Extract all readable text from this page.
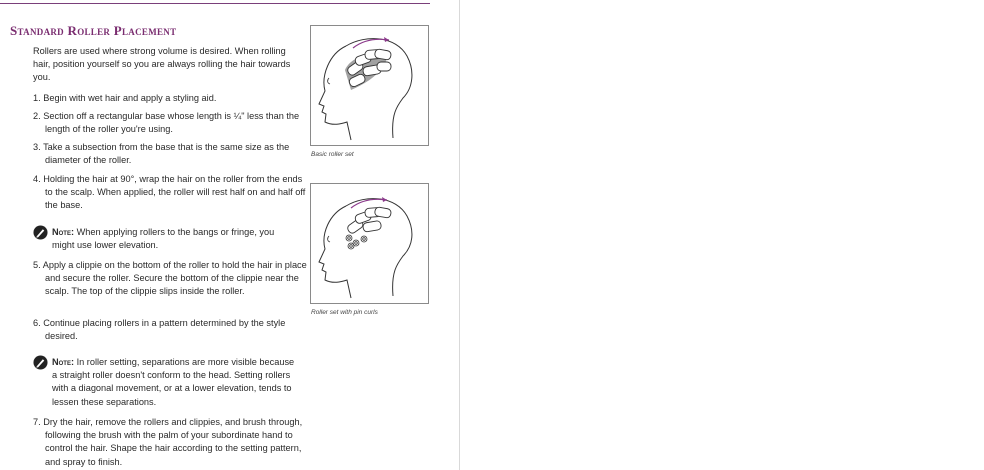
Standard Roller Placement
Rollers are used where strong volume is desired. When rolling hair, position yourself so you are always rolling the hair towards you.
1. Begin with wet hair and apply a styling aid.
2. Section off a rectangular base whose length is ¼" less than the length of the roller you're using.
3. Take a subsection from the base that is the same size as the diameter of the roller.
4. Holding the hair at 90°, wrap the hair on the roller from the ends to the scalp. When applied, the roller will rest half on and half off the base.
Note: When applying rollers to the bangs or fringe, you might use lower elevation.
5. Apply a clippie on the bottom of the roller to hold the hair in place and secure the roller. Secure the bottom of the clippie near the scalp. The top of the clippie slips inside the roller.
6. Continue placing rollers in a pattern determined by the style desired.
Note: In roller setting, separations are more visible because a straight roller doesn't conform to the head. Setting rollers with a diagonal movement, or at a lower elevation, tends to lessen these separations.
7. Dry the hair, remove the rollers and clippies, and brush through, following the brush with the palm of your subordinate hand to control the hair. Shape the hair according to the setting pattern, and spray to finish.
Basic roller set
Roller set with pin curls
